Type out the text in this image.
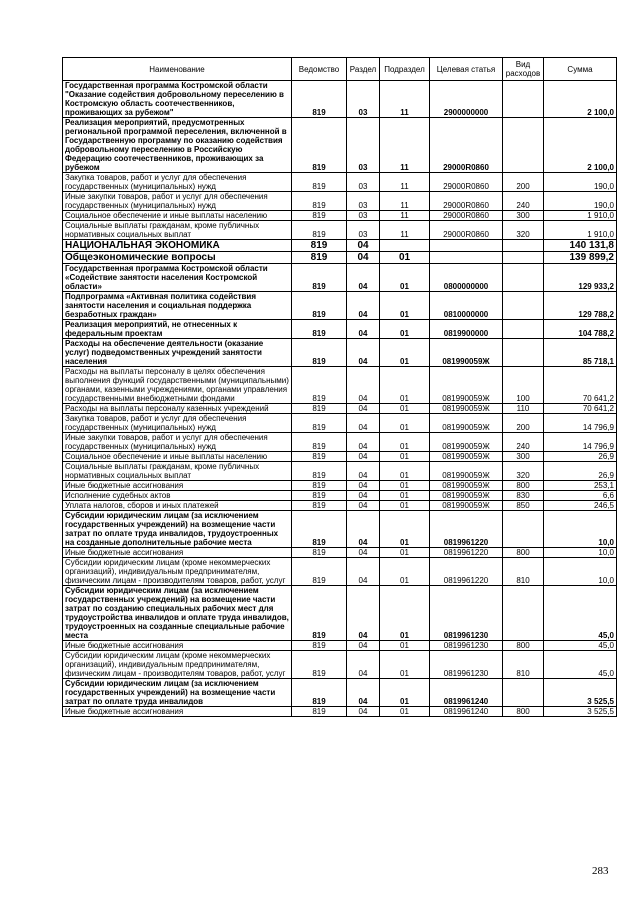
Наименование	Ведомство	Раздел	Подраздел	Целевая статья	Вид расходов	Сумма
Государственная программа Костромской области "Оказание содействия добровольному переселению в Костромскую область соотечественников, проживающих за рубежом"	819	03	11	2900000000		2 100,0
Реализация мероприятий, предусмотренных региональной программой переселения, включенной в Государственную программу по оказанию содействия добровольному переселению в Российскую Федерацию соотечественников, проживающих за рубежом	819	03	11	29000R0860		2 100,0
Закупка товаров, работ и услуг для обеспечения государственных (муниципальных) нужд	819	03	11	29000R0860	200	190,0
Иные закупки товаров, работ и услуг для обеспечения государственных (муниципальных) нужд	819	03	11	29000R0860	240	190,0
Социальное обеспечение и иные выплаты населению	819	03	11	29000R0860	300	1 910,0
Социальные выплаты гражданам, кроме публичных нормативных социальных выплат	819	03	11	29000R0860	320	1 910,0
НАЦИОНАЛЬНАЯ ЭКОНОМИКА	819	04				140 131,8
Общеэкономические вопросы	819	04	01			139 899,2
Государственная программа Костромской области «Содействие занятости населения Костромской области»	819	04	01	0800000000		129 933,2
Подпрограмма «Активная политика содействия занятости населения и социальная поддержка безработных граждан»	819	04	01	0810000000		129 788,2
Реализация мероприятий, не отнесенных к федеральным проектам	819	04	01	0819900000		104 788,2
Расходы на обеспечение деятельности (оказание услуг) подведомственных учреждений занятости населения	819	04	01	081990059Ж		85 718,1
Расходы на выплаты персоналу в целях обеспечения выполнения функций государственными (муниципальными) органами, казенными учреждениями, органами управления государственными внебюджетными фондами	819	04	01	081990059Ж	100	70 641,2
Расходы на выплаты персоналу казенных учреждений	819	04	01	081990059Ж	110	70 641,2
Закупка товаров, работ и услуг для обеспечения государственных (муниципальных) нужд	819	04	01	081990059Ж	200	14 796,9
Иные закупки товаров, работ и услуг для обеспечения государственных (муниципальных) нужд	819	04	01	081990059Ж	240	14 796,9
Социальное обеспечение и иные выплаты населению	819	04	01	081990059Ж	300	26,9
Социальные выплаты гражданам, кроме публичных нормативных социальных выплат	819	04	01	081990059Ж	320	26,9
Иные бюджетные ассигнования	819	04	01	081990059Ж	800	253,1
Исполнение судебных актов	819	04	01	081990059Ж	830	6,6
Уплата налогов, сборов и иных платежей	819	04	01	081990059Ж	850	246,5
Субсидии юридическим лицам (за исключением государственных учреждений) на возмещение части затрат по оплате труда инвалидов, трудоустроенных на созданные дополнительные рабочие места	819	04	01	0819961220		10,0
Иные бюджетные ассигнования	819	04	01	0819961220	800	10,0
Субсидии юридическим лицам (кроме некоммерческих организаций), индивидуальным предпринимателям, физическим лицам - производителям товаров, работ, услуг	819	04	01	0819961220	810	10,0
Субсидии юридическим лицам (за исключением государственных учреждений) на возмещение части затрат по созданию специальных рабочих мест для трудоустройства инвалидов и оплате труда инвалидов, трудоустроенных на созданные специальные рабочие места	819	04	01	0819961230		45,0
Иные бюджетные ассигнования	819	04	01	0819961230	800	45,0
Субсидии юридическим лицам (кроме некоммерческих организаций), индивидуальным предпринимателям, физическим лицам - производителям товаров, работ, услуг	819	04	01	0819961230	810	45,0
Субсидии юридическим лицам (за исключением государственных учреждений) на возмещение части затрат по оплате труда инвалидов	819	04	01	0819961240		3 525,5
Иные бюджетные ассигнования	819	04	01	0819961240	800	3 525,5
283
